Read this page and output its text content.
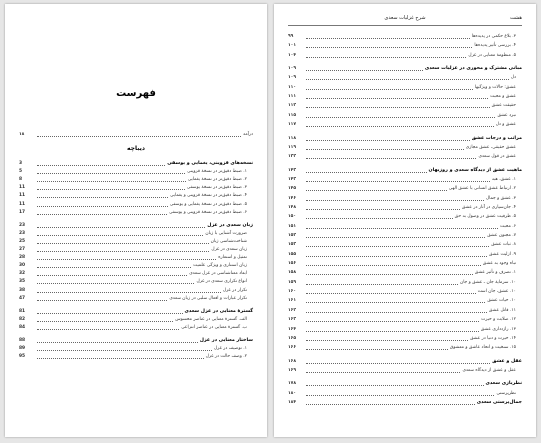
فهرست
درآمد
۱۸
دیباچه
نسخه‌های قزوینی، یغمایی و یوسفی
3
۱. ضبط دقیق‌تر در نسخهٔ قزوینی
5
۲. ضبط دقیق‌تر در نسخهٔ یغمایی
8
۳. ضبط دقیق‌تر در نسخهٔ یوسفی
11
۴. ضبط دقیق‌تر در نسخهٔ قزوینی و یغمایی
11
۵. ضبط دقیق‌تر در نسخهٔ یغمایی و یوسفی
11
۶. ضبط دقیق‌تر در نسخهٔ قزوینی و یوسفی
17
زبان سعدی در غزل
23
ضرورت آشنایی با زبان
23
شناخت‌شناسی زبان
25
زبان سعدی در غزل
27
تمثیل و استعاره
28
زبان استناری و ویژگی علمیت
30
ابعاد معناشناسی در غزل سعدی
32
انواع تکراری سعدی در غزل
35
تکرار در غزل
38
تکرار عبارات و افعال سلبی در زبان سعدی
47
گسترهٔ معنایی در غزل سعدی
81
الف. گسترهٔ معنایی در عناصر محسوس
82
ب. گسترهٔ معنایی در عناصر انتزاعی
84
ساختار معنایی در غزل
88
۱. توصیف در غزل
89
۲. وصف حالت در غزل
95
شرح غزلیات سعدی	هشت
۳. بلاغ حکمی در پدیده‌ها
۹۹
۴. بررسی تأثیر پدیده‌ها
۱۰۱
۵. منظومهٔ معنایی در غزل
۱۰۴
مبانی مشترک و محوری در غزلیات سعدی
۱۰۹
دل
۱۰۹
عشق: حالات و ویژگیها
۱۱۰
عشق و محبت
۱۱۱
حقیقت عشق
۱۱۲
نبرد عشق
۱۱۵
عشق و دل
۱۱۷
مراتب و درجات عشق
۱۱۸
عشق حقیقی، عشق مجازی
۱۱۹
عشق در قول سعدی
۱۲۲
ماهیت عشق از دیدگاه سعدی و روزبهان
۱۴۳
۱. عشق، هبه
۱۴۳
۲. ارتباط عشق انسانی با عشق الهی
۱۴۵
۳. عشق و جمال
۱۴۶
۴. جان‌سپاری در آثار در عشق
۱۴۸
۵. ظرفیت عشق در وصول به حق
۱۵۰
۶. محبت
۱۵۱
۷. مجنون عشق
۱۵۲
۸. ثبات عشق
۱۵۳
۹. ازلیت عشق
۱۵۵
تباه وجود به عشق
۱۵۶
۱. تصرف و تأثیر عشق
۱۵۸
۱۰. سرمایهٔ جان ـ عشق و جان
۱۵۹
۱۰. عشق، جان است
۱۶۰
۱۰. حیات عشق
۱۶۱
۱۱. قاتل عشق
۱۶۲
۱۲. صلابت و حیرت
۱۶۳
۱۳. رازدداری عشق
۱۶۴
۱۴. حیرت و دنیا در عشق
۱۶۵
۱۵. سنخیت و اتحاد عاشق و معشوق
۱۶۶
عقل و عشق
۱۶۸
عقل و عشق از دیدگاه سعدی
۱۶۹
نظربازی سعدی
۱۷۸
نظرپرستی
۱۸۰
جمال‌پرستی سعدی
۱۸۴
